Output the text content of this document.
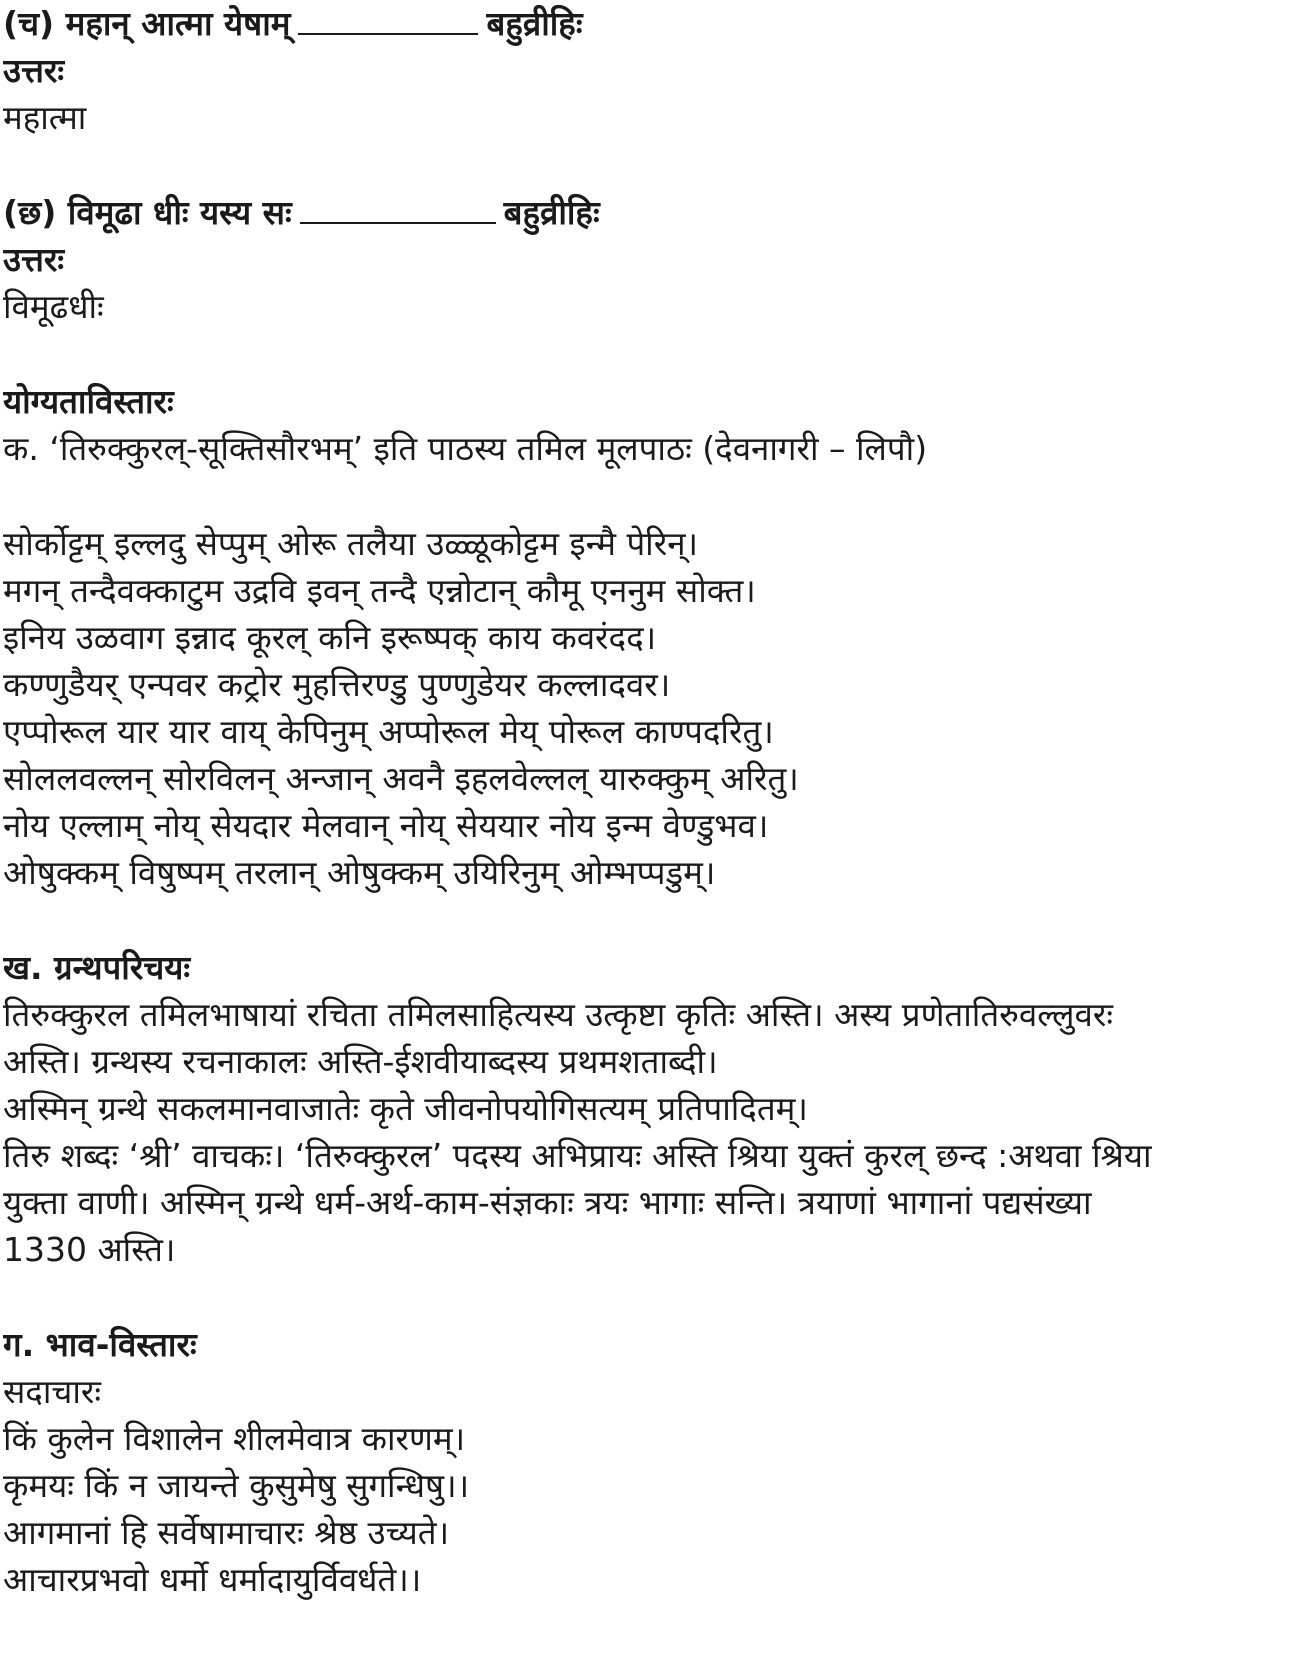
(च) महान् आत्मा येषाम्	बहुव्रीहिः
उत्तरः
महात्मा
(छ) विमूढा धीः यस्य सः	बहुव्रीहिः
उत्तरः
विमूढधीः
योग्यताविस्तारः
क. ‘तिरुक्कुरल्-सूक्तिसौरभम्’ इति पाठस्य तमिल मूलपाठः (देवनागरी – लिपौ)
सोर्कोट्टम् इल्लदु सेप्पुम् ओरू तलैया उळ्ळूकोट्टम इन्मै पेरिन्।
मगन् तन्दैवक्काटुम उद्रवि इवन् तन्दै एन्नोटान् कौमू एननुम सोक्त।
इनिय उळवाग इन्नाद कूरल् कनि इरूष्पक् काय कवरंदद।
कण्णुडैयर् एन्पवर कट्रोर मुहत्तिरण्डु पुण्णुडेयर कल्लादवर।
एप्पोरूल यार यार वाय् केपिनुम् अप्पोरूल मेय् पोरूल काण्पदरितु।
सोललवल्लन् सोरविलन् अन्जान् अवनै इहलवेल्लल् यारुक्कुम् अरितु।
नोय एल्लाम् नोय् सेयदार मेलवान् नोय् सेययार नोय इन्म वेण्डुभव।
ओषुक्कम् विषुष्पम् तरलान् ओषुक्कम् उयिरिनुम् ओम्भप्पडुम्।
ख. ग्रन्थपरिचयः
तिरुक्कुरल तमिलभाषायां रचिता तमिलसाहित्यस्य उत्कृष्टा कृतिः अस्ति। अस्य प्रणेतातिरुवल्लुवरः
अस्ति। ग्रन्थस्य रचनाकालः अस्ति-ईशवीयाब्दस्य प्रथमशताब्दी।
अस्मिन् ग्रन्थे सकलमानवाजातेः कृते जीवनोपयोगिसत्यम् प्रतिपादितम्।
तिरु शब्दः ‘श्री’ वाचकः। ‘तिरुक्कुरल’ पदस्य अभिप्रायः अस्ति श्रिया युक्तं कुरल् छन्द :अथवा श्रिया
युक्ता वाणी। अस्मिन् ग्रन्थे धर्म-अर्थ-काम-संज्ञकाः त्रयः भागाः सन्ति। त्रयाणां भागानां पद्यसंख्या
1330 अस्ति।
ग. भाव-विस्तारः
सदाचारः
किं कुलेन विशालेन शीलमेवात्र कारणम्।
कृमयः किं न जायन्ते कुसुमेषु सुगन्धिषु।।
आगमानां हि सर्वेषामाचारः श्रेष्ठ उच्यते।
आचारप्रभवो धर्मो धर्मादायुर्विवर्धते।।
